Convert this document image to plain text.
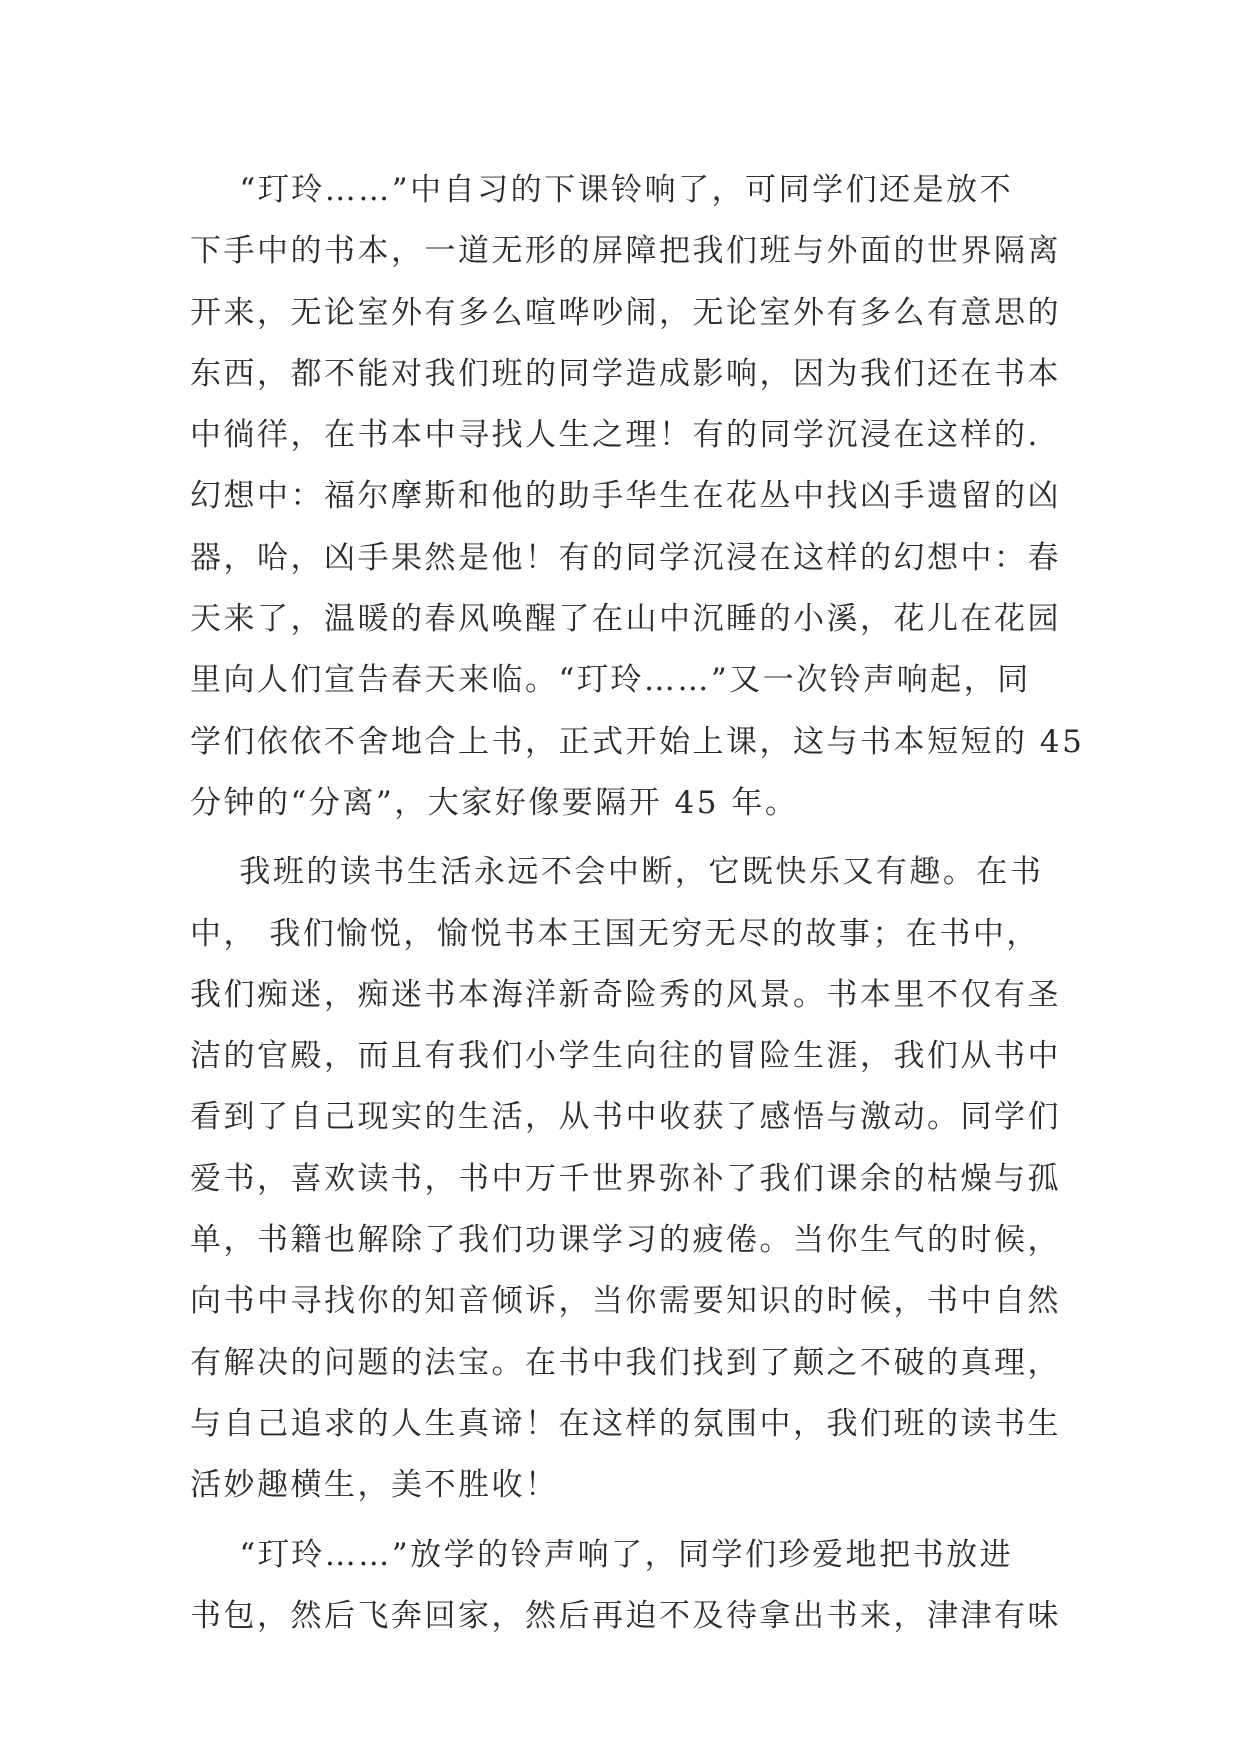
“玎玲……”中自习的下课铃响了，可同学们还是放不
下手中的书本，一道无形的屏障把我们班与外面的世界隔离
开来，无论室外有多么喧哗吵闹，无论室外有多么有意思的
东西，都不能对我们班的同学造成影响，因为我们还在书本
中徜徉，在书本中寻找人生之理！有的同学沉浸在这样的.
幻想中：福尔摩斯和他的助手华生在花丛中找凶手遗留的凶
器，哈，凶手果然是他！有的同学沉浸在这样的幻想中：春
天来了，温暖的春风唤醒了在山中沉睡的小溪，花儿在花园
里向人们宣告春天来临。“玎玲……”又一次铃声响起，同
学们依依不舍地合上书，正式开始上课，这与书本短短的 45
分钟的“分离”，大家好像要隔开 45 年。
我班的读书生活永远不会中断，它既快乐又有趣。在书
中， 我们愉悦，愉悦书本王国无穷无尽的故事；在书中，
我们痴迷，痴迷书本海洋新奇险秀的风景。书本里不仅有圣
洁的官殿，而且有我们小学生向往的冒险生涯，我们从书中
看到了自己现实的生活，从书中收获了感悟与激动。同学们
爱书，喜欢读书，书中万千世界弥补了我们课余的枯燥与孤
单，书籍也解除了我们功课学习的疲倦。当你生气的时候，
向书中寻找你的知音倾诉，当你需要知识的时候，书中自然
有解决的问题的法宝。在书中我们找到了颠之不破的真理，
与自己追求的人生真谛！在这样的氛围中，我们班的读书生
活妙趣横生，美不胜收！
“玎玲……”放学的铃声响了，同学们珍爱地把书放进
书包，然后飞奔回家，然后再迫不及待拿出书来，津津有味
